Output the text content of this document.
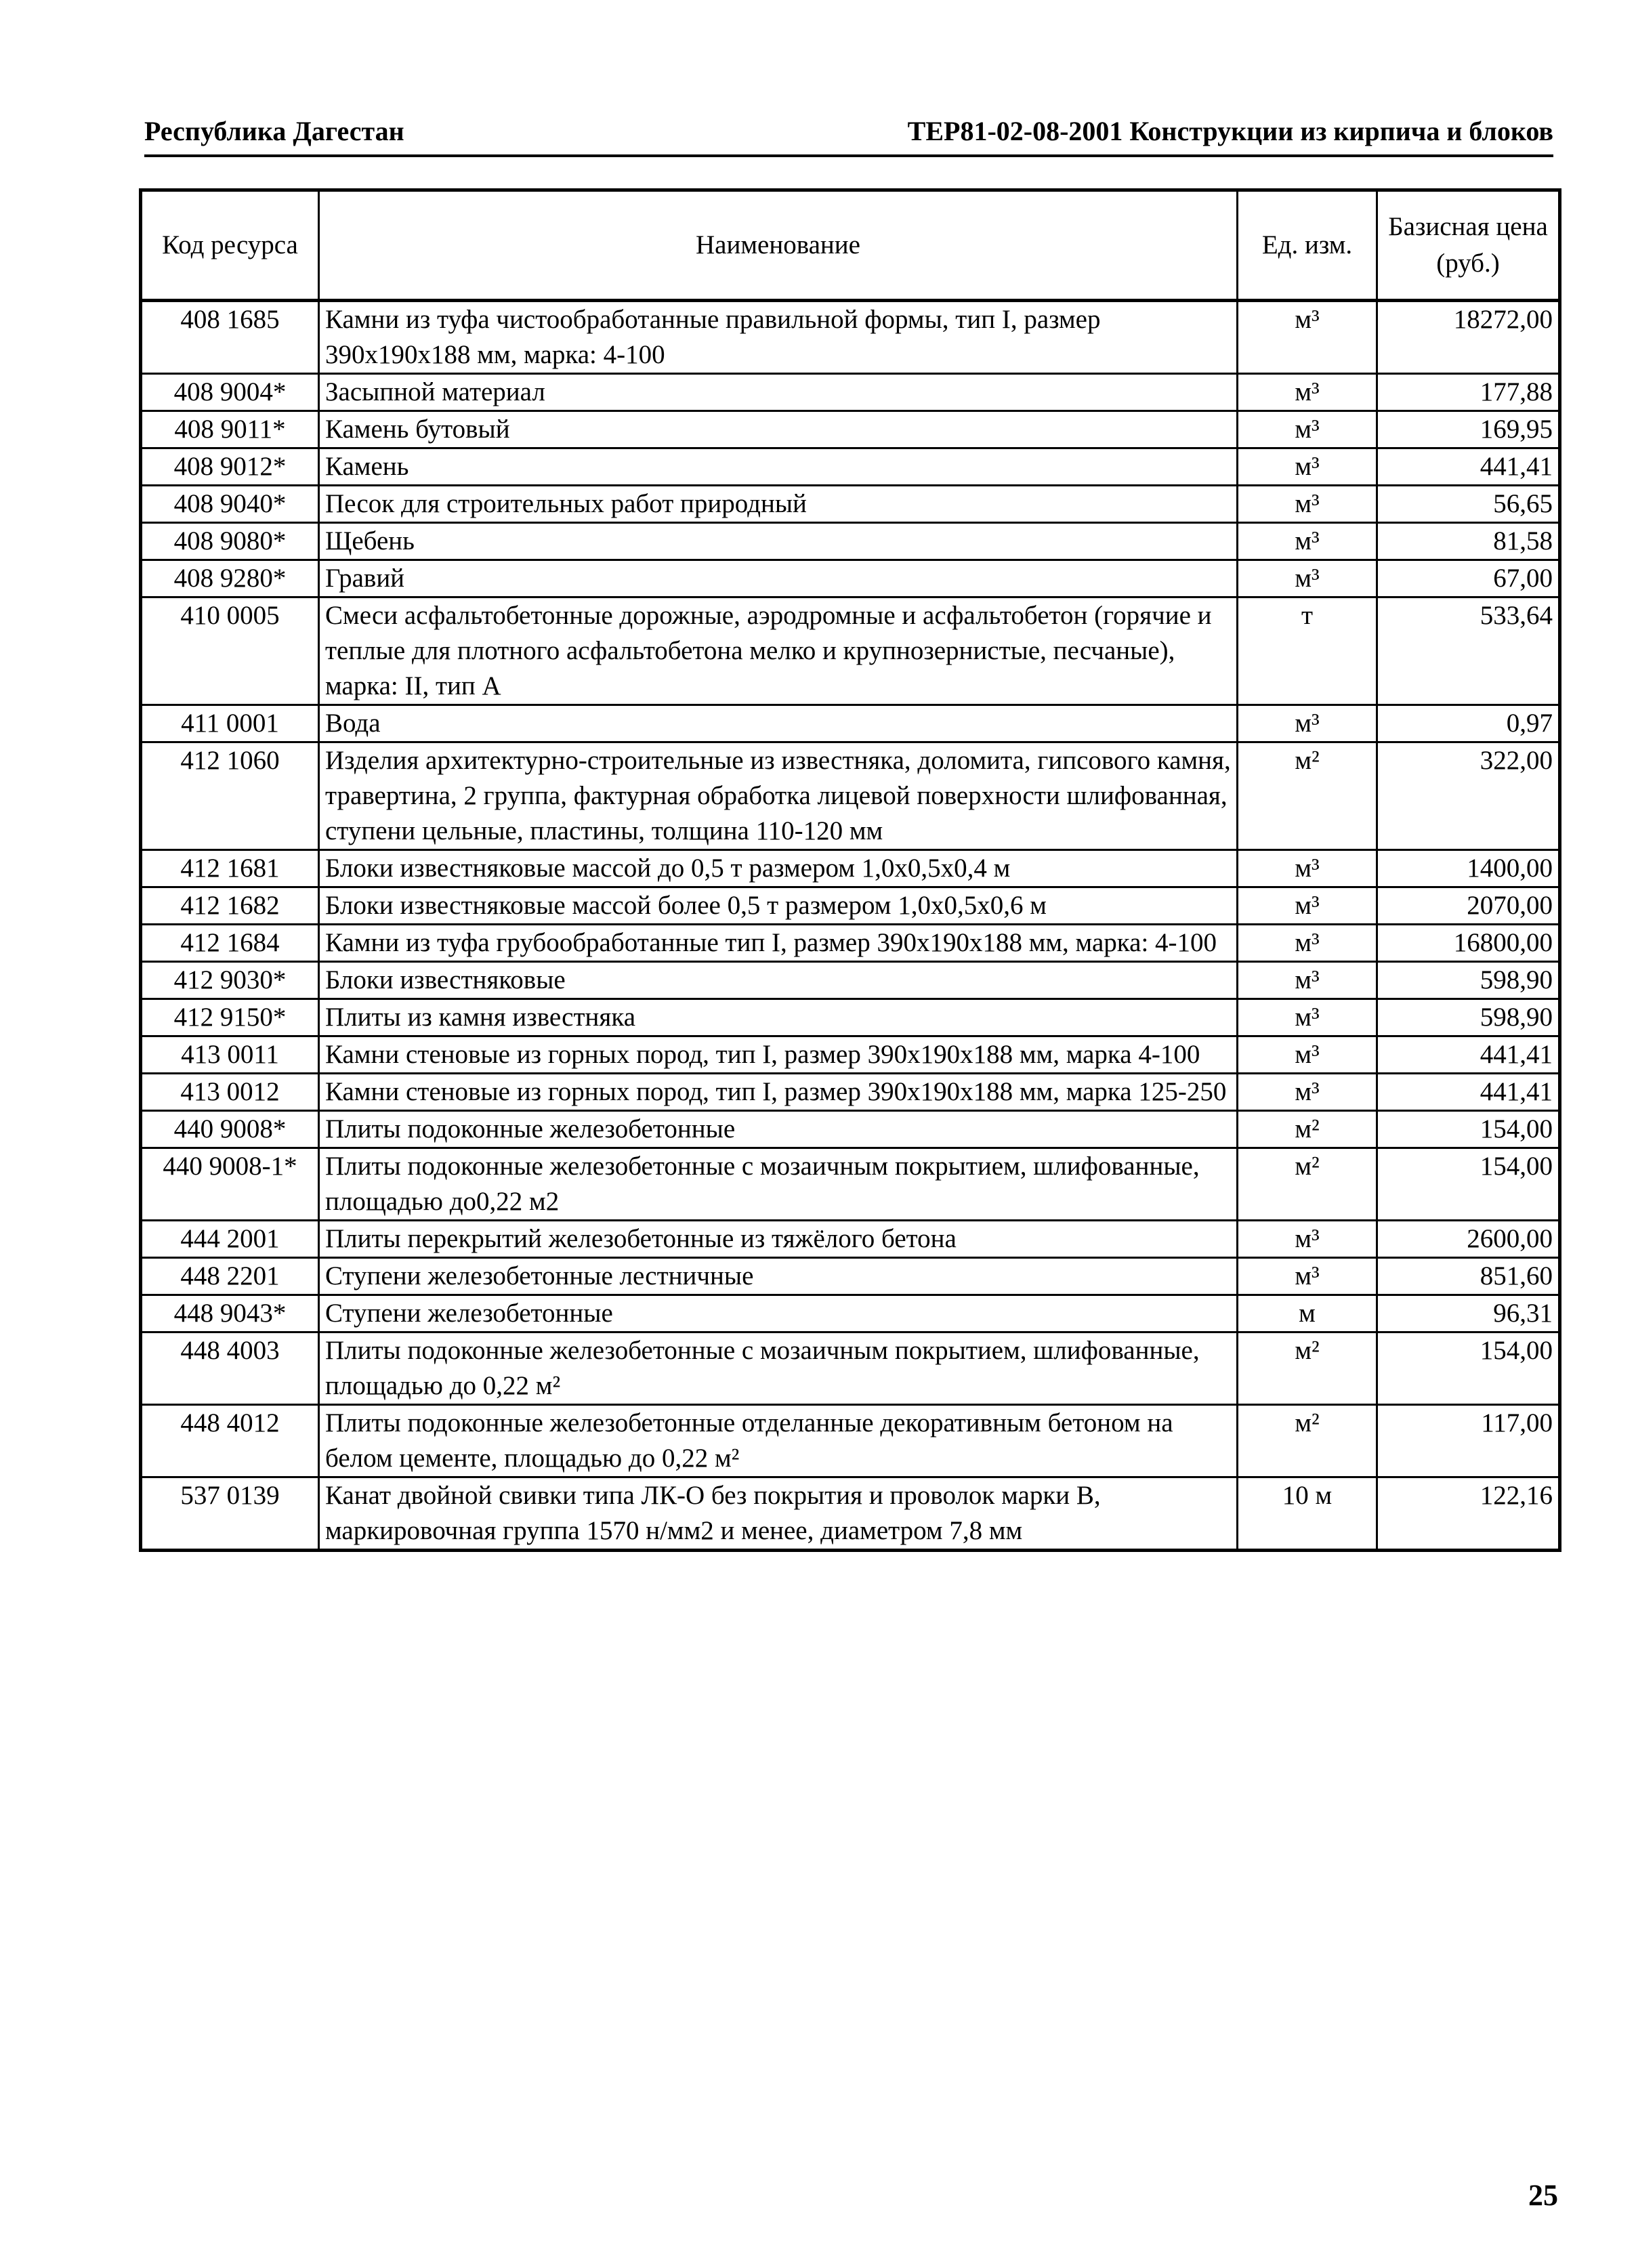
Республика Дагестан	ТЕР81-02-08-2001 Конструкции из кирпича и блоков
Код ресурса	Наименование	Ед. изм.	Базисная цена (руб.)
408 1685	Камни из туфа чистообработанные правильной формы, тип I, размер 390x190x188 мм, марка: 4-100	м³	18272,00
408 9004*	Засыпной материал	м³	177,88
408 9011*	Камень бутовый	м³	169,95
408 9012*	Камень	м³	441,41
408 9040*	Песок для строительных работ природный	м³	56,65
408 9080*	Щебень	м³	81,58
408 9280*	Гравий	м³	67,00
410 0005	Смеси асфальтобетонные дорожные, аэродромные и асфальтобетон (горячие и теплые для плотного асфальтобетона мелко и крупнозернистые, песчаные), марка: II, тип А	т	533,64
411 0001	Вода	м³	0,97
412 1060	Изделия архитектурно-строительные из известняка, доломита, гипсового камня, травертина, 2 группа, фактурная обработка лицевой поверхности шлифованная, ступени цельные, пластины, толщина 110-120 мм	м²	322,00
412 1681	Блоки известняковые массой до 0,5 т размером 1,0x0,5x0,4 м	м³	1400,00
412 1682	Блоки известняковые массой более 0,5 т размером 1,0x0,5x0,6 м	м³	2070,00
412 1684	Камни из туфа грубообработанные тип I, размер 390x190x188 мм, марка: 4-100	м³	16800,00
412 9030*	Блоки известняковые	м³	598,90
412 9150*	Плиты из камня известняка	м³	598,90
413 0011	Камни стеновые из горных пород, тип I, размер 390x190x188 мм, марка 4-100	м³	441,41
413 0012	Камни стеновые из горных пород, тип I, размер 390x190x188 мм, марка 125-250	м³	441,41
440 9008*	Плиты подоконные железобетонные	м²	154,00
440 9008-1*	Плиты подоконные железобетонные с мозаичным покрытием, шлифованные, площадью до0,22 м2	м²	154,00
444 2001	Плиты перекрытий железобетонные из тяжёлого бетона	м³	2600,00
448 2201	Ступени железобетонные лестничные	м³	851,60
448 9043*	Ступени железобетонные	м	96,31
448 4003	Плиты подоконные железобетонные с мозаичным покрытием, шлифованные, площадью до 0,22 м²	м²	154,00
448 4012	Плиты подоконные железобетонные отделанные декоративным бетоном на белом цементе, площадью до 0,22 м²	м²	117,00
537 0139	Канат двойной свивки типа ЛК-О без покрытия и проволок марки В, маркировочная группа 1570 н/мм2 и менее, диаметром 7,8 мм	10 м	122,16
25
